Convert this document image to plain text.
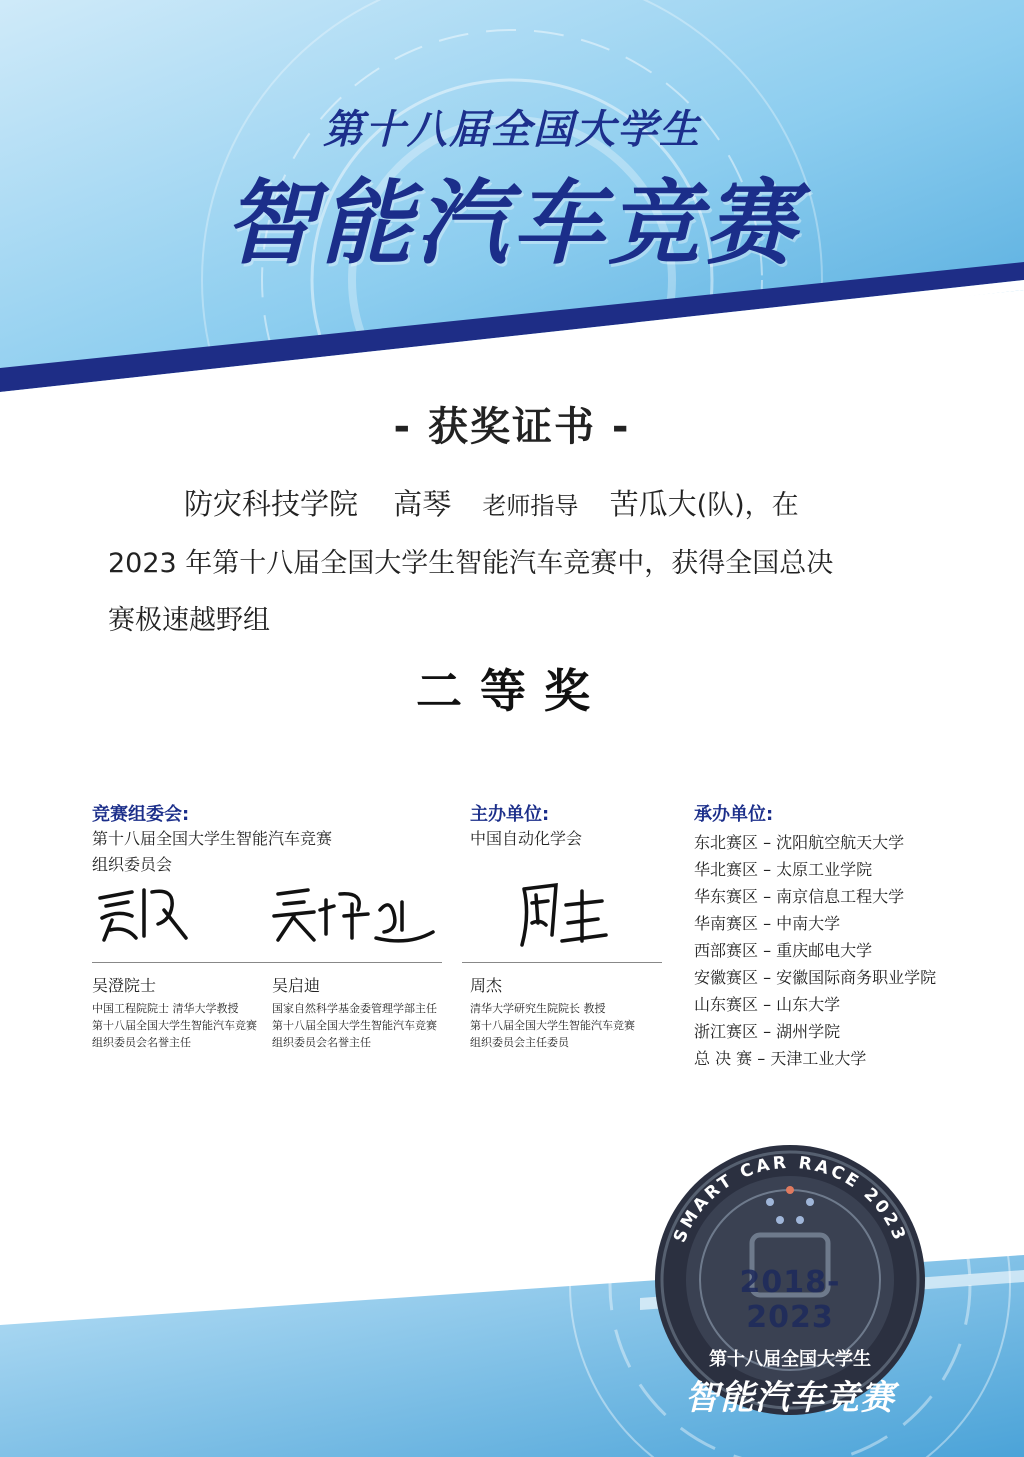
第十八届全国大学生
智能汽车竞赛
- 获奖证书 -
防灾科技学院 高琴 老师指导 苦瓜大(队)，在
2023 年第十八届全国大学生智能汽车竞赛中，获得全国总决
赛极速越野组
二等奖
竞赛组委会:
第十八届全国大学生智能汽车竞赛
组织委员会
吴澄院士
中国工程院院士 清华大学教授
第十八届全国大学生智能汽车竞赛
组织委员会名誉主任
吴启迪
国家自然科学基金委管理学部主任
第十八届全国大学生智能汽车竞赛
组织委员会名誉主任
主办单位:
中国自动化学会
周杰
清华大学研究生院院长 教授
第十八届全国大学生智能汽车竞赛
组织委员会主任委员
承办单位:
东北赛区 – 沈阳航空航天大学
华北赛区 – 太原工业学院
华东赛区 – 南京信息工程大学
华南赛区 – 中南大学
西部赛区 – 重庆邮电大学
安徽赛区 – 安徽国际商务职业学院
山东赛区 – 山东大学
浙江赛区 – 湖州学院
总 决 赛 – 天津工业大学
SMART CAR RACE 2023
2018-2023
第十八届全国大学生
智能汽车竞赛
